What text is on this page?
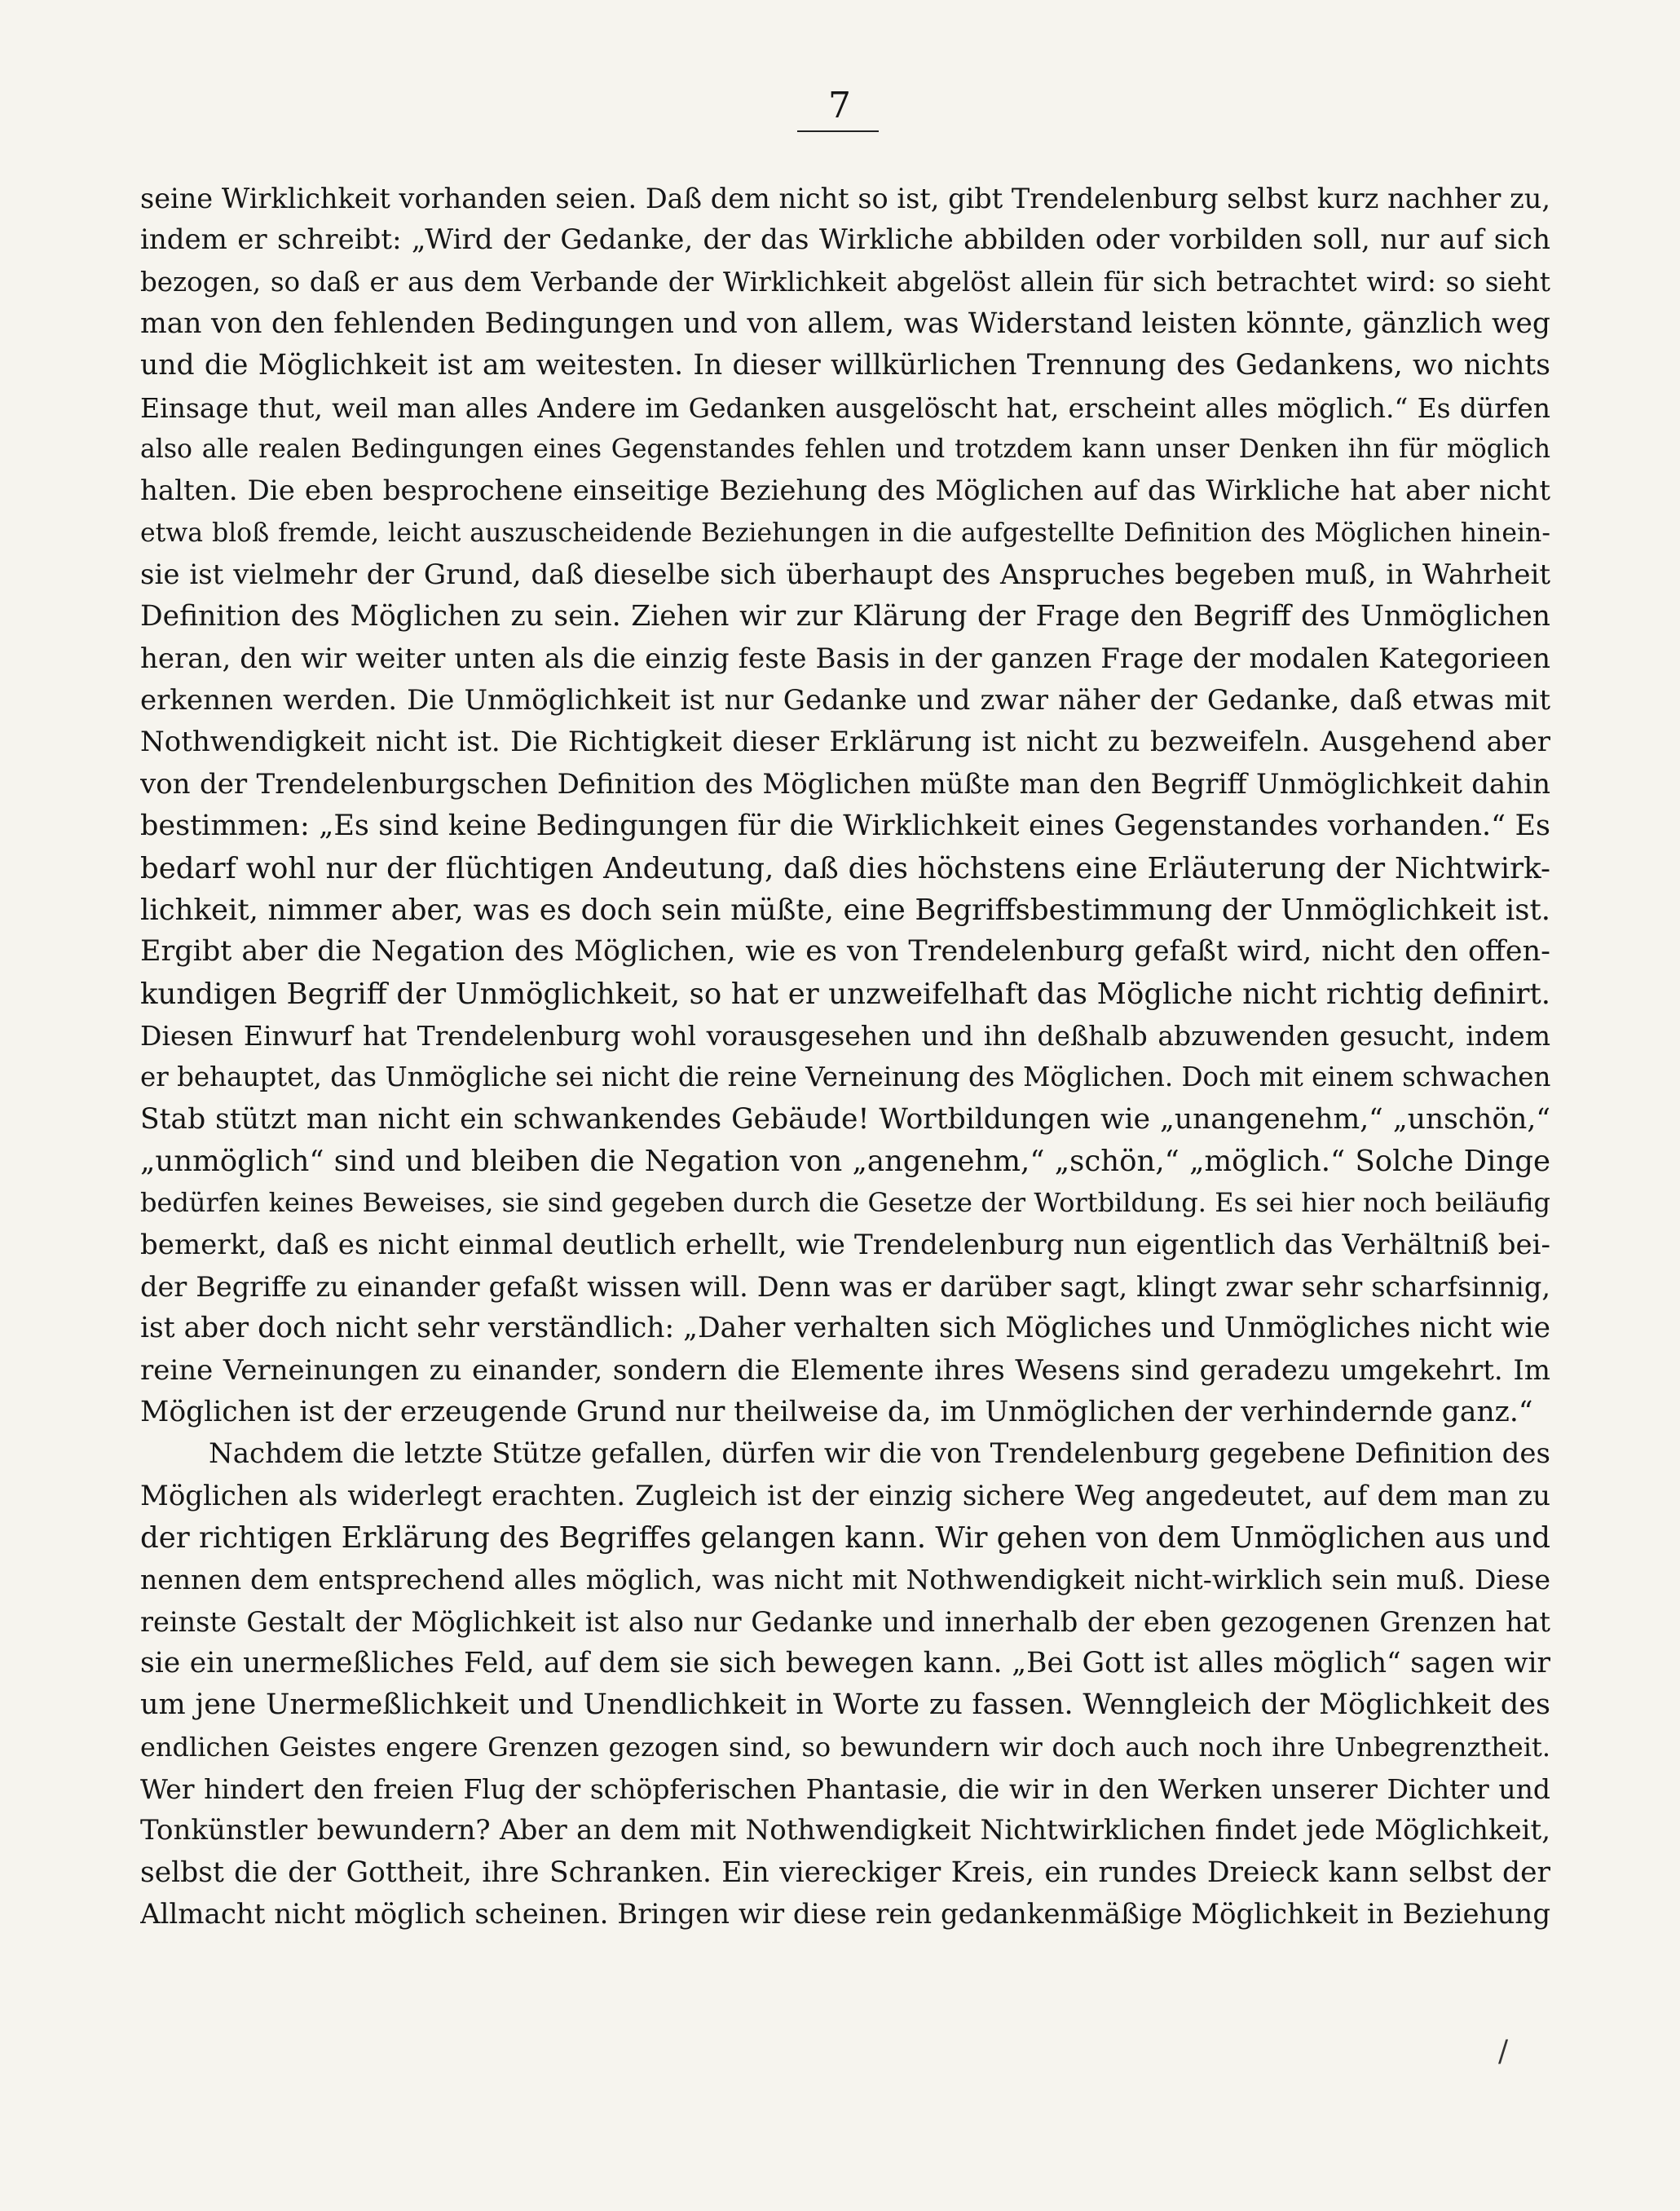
7
seine Wirklichkeit vorhanden seien. Daß dem nicht so ist, gibt Trendelenburg selbst kurz nachher zu,
indem er schreibt: „Wird der Gedanke, der das Wirkliche abbilden oder vorbilden soll, nur auf sich
bezogen, so daß er aus dem Verbande der Wirklichkeit abgelöst allein für sich betrachtet wird: so sieht
man von den fehlenden Bedingungen und von allem, was Widerstand leisten könnte, gänzlich weg
und die Möglichkeit ist am weitesten. In dieser willkürlichen Trennung des Gedankens, wo nichts
Einsage thut, weil man alles Andere im Gedanken ausgelöscht hat, erscheint alles möglich.“ Es dürfen
also alle realen Bedingungen eines Gegenstandes fehlen und trotzdem kann unser Denken ihn für möglich
halten. Die eben besprochene einseitige Beziehung des Möglichen auf das Wirkliche hat aber nicht
etwa bloß fremde, leicht auszuscheidende Beziehungen in die aufgestellte Definition des Möglichen hinein-
sie ist vielmehr der Grund, daß dieselbe sich überhaupt des Anspruches begeben muß, in Wahrheit
Definition des Möglichen zu sein. Ziehen wir zur Klärung der Frage den Begriff des Unmöglichen
heran, den wir weiter unten als die einzig feste Basis in der ganzen Frage der modalen Kategorieen
erkennen werden. Die Unmöglichkeit ist nur Gedanke und zwar näher der Gedanke, daß etwas mit
Nothwendigkeit nicht ist. Die Richtigkeit dieser Erklärung ist nicht zu bezweifeln. Ausgehend aber
von der Trendelenburgschen Definition des Möglichen müßte man den Begriff Unmöglichkeit dahin
bestimmen: „Es sind keine Bedingungen für die Wirklichkeit eines Gegenstandes vorhanden.“ Es
bedarf wohl nur der flüchtigen Andeutung, daß dies höchstens eine Erläuterung der Nichtwirk-
lichkeit, nimmer aber, was es doch sein müßte, eine Begriffsbestimmung der Unmöglichkeit ist.
Ergibt aber die Negation des Möglichen, wie es von Trendelenburg gefaßt wird, nicht den offen-
kundigen Begriff der Unmöglichkeit, so hat er unzweifelhaft das Mögliche nicht richtig definirt.
Diesen Einwurf hat Trendelenburg wohl vorausgesehen und ihn deßhalb abzuwenden gesucht, indem
er behauptet, das Unmögliche sei nicht die reine Verneinung des Möglichen. Doch mit einem schwachen
Stab stützt man nicht ein schwankendes Gebäude! Wortbildungen wie „unangenehm,“ „unschön,“
„unmöglich“ sind und bleiben die Negation von „angenehm,“ „schön,“ „möglich.“ Solche Dinge
bedürfen keines Beweises, sie sind gegeben durch die Gesetze der Wortbildung. Es sei hier noch beiläufig
bemerkt, daß es nicht einmal deutlich erhellt, wie Trendelenburg nun eigentlich das Verhältniß bei-
der Begriffe zu einander gefaßt wissen will. Denn was er darüber sagt, klingt zwar sehr scharfsinnig,
ist aber doch nicht sehr verständlich: „Daher verhalten sich Mögliches und Unmögliches nicht wie
reine Verneinungen zu einander, sondern die Elemente ihres Wesens sind geradezu umgekehrt. Im
Möglichen ist der erzeugende Grund nur theilweise da, im Unmöglichen der verhindernde ganz.“
Nachdem die letzte Stütze gefallen, dürfen wir die von Trendelenburg gegebene Definition des
Möglichen als widerlegt erachten. Zugleich ist der einzig sichere Weg angedeutet, auf dem man zu
der richtigen Erklärung des Begriffes gelangen kann. Wir gehen von dem Unmöglichen aus und
nennen dem entsprechend alles möglich, was nicht mit Nothwendigkeit nicht-wirklich sein muß. Diese
reinste Gestalt der Möglichkeit ist also nur Gedanke und innerhalb der eben gezogenen Grenzen hat
sie ein unermeßliches Feld, auf dem sie sich bewegen kann. „Bei Gott ist alles möglich“ sagen wir
um jene Unermeßlichkeit und Unendlichkeit in Worte zu fassen. Wenngleich der Möglichkeit des
endlichen Geistes engere Grenzen gezogen sind, so bewundern wir doch auch noch ihre Unbegrenztheit.
Wer hindert den freien Flug der schöpferischen Phantasie, die wir in den Werken unserer Dichter und
Tonkünstler bewundern? Aber an dem mit Nothwendigkeit Nichtwirklichen findet jede Möglichkeit,
selbst die der Gottheit, ihre Schranken. Ein viereckiger Kreis, ein rundes Dreieck kann selbst der
Allmacht nicht möglich scheinen. Bringen wir diese rein gedankenmäßige Möglichkeit in Beziehung
/
